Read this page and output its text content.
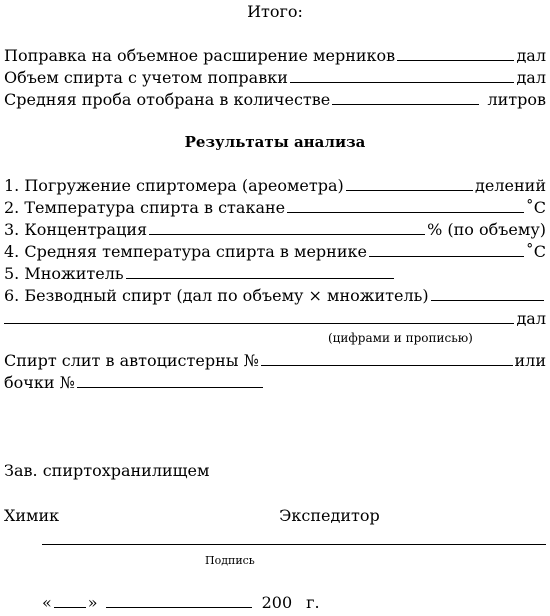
Итого:
Поправка на объемное расширение мерников	дал
Объем спирта с учетом поправки	дал
Средняя проба отобрана в количестве	литров
Результаты анализа
1. Погружение спиртомера (ареометра)	делений
2. Температура спирта в стакане	˚С
3. Концентрация	% (по объему)
4. Средняя температура спирта в мернике	˚С
5. Множитель
6. Безводный спирт (дал по объему × множитель)
дал
(цифрами и прописью)
Спирт слит в автоцистерны №	или
бочки №
Зав. спиртохранилищем
Химик	Экспедитор
Подпись
« »	200 г.
